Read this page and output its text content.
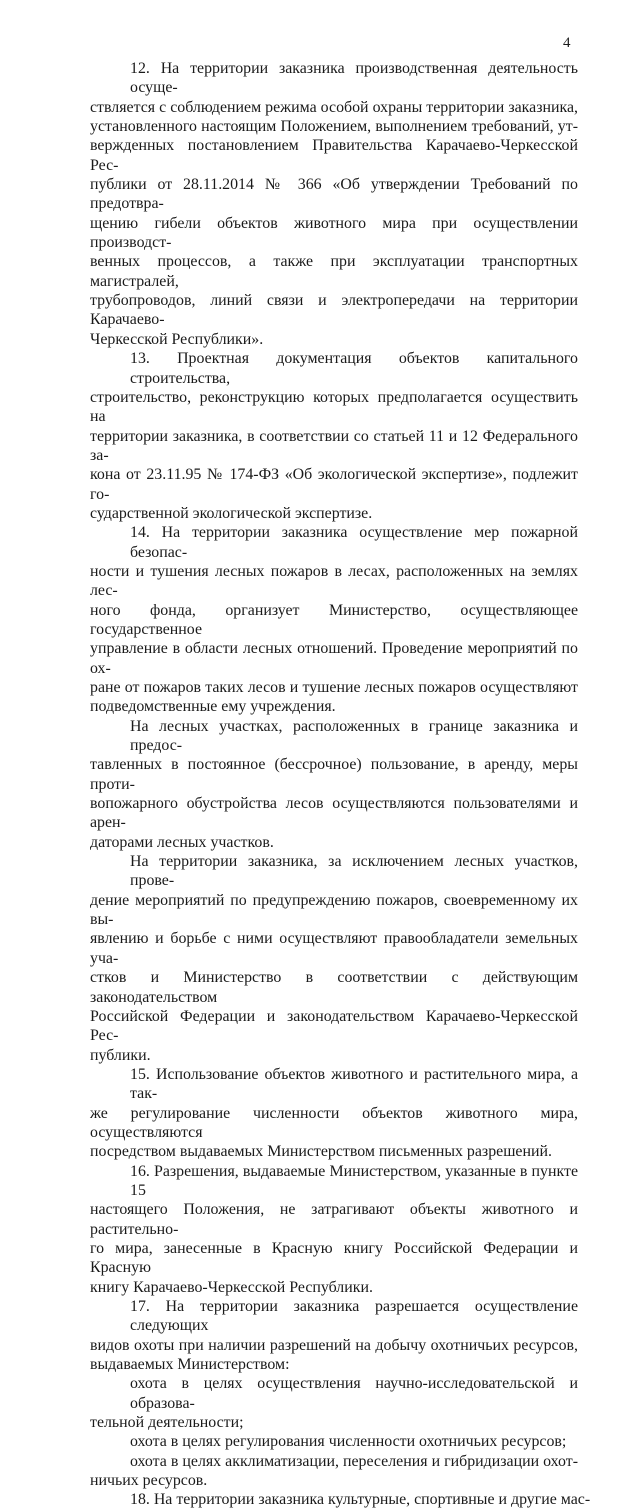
4
12. На территории заказника производственная деятельность осуще-
ствляется с соблюдением режима особой охраны территории заказника,
установленного настоящим Положением, выполнением требований, ут-
вержденных постановлением Правительства Карачаево-Черкесской Рес-
публики от 28.11.2014 № 366 «Об утверждении Требований по предотвра-
щению гибели объектов животного мира при осуществлении производст-
венных процессов, а также при эксплуатации транспортных магистралей,
трубопроводов, линий связи и электропередачи на территории Карачаево-
Черкесской Республики».
13. Проектная документация объектов капитального строительства,
строительство, реконструкцию которых предполагается осуществить на
территории заказника, в соответствии со статьей 11 и 12 Федерального за-
кона от 23.11.95 № 174-ФЗ «Об экологической экспертизе», подлежит го-
сударственной экологической экспертизе.
14. На территории заказника осуществление мер пожарной безопас-
ности и тушения лесных пожаров в лесах, расположенных на землях лес-
ного фонда, организует Министерство, осуществляющее государственное
управление в области лесных отношений. Проведение мероприятий по ох-
ране от пожаров таких лесов и тушение лесных пожаров осуществляют
подведомственные ему учреждения.
На лесных участках, расположенных в границе заказника и предос-
тавленных в постоянное (бессрочное) пользование, в аренду, меры проти-
вопожарного обустройства лесов осуществляются пользователями и арен-
даторами лесных участков.
На территории заказника, за исключением лесных участков, прове-
дение мероприятий по предупреждению пожаров, своевременному их вы-
явлению и борьбе с ними осуществляют правообладатели земельных уча-
стков и Министерство в соответствии с действующим законодательством
Российской Федерации и законодательством Карачаево-Черкесской Рес-
публики.
15. Использование объектов животного и растительного мира, а так-
же регулирование численности объектов животного мира, осуществляются
посредством выдаваемых Министерством письменных разрешений.
16. Разрешения, выдаваемые Министерством, указанные в пункте 15
настоящего Положения, не затрагивают объекты животного и растительно-
го мира, занесенные в Красную книгу Российской Федерации и Красную
книгу Карачаево-Черкесской Республики.
17. На территории заказника разрешается осуществление следующих
видов охоты при наличии разрешений на добычу охотничьих ресурсов,
выдаваемых Министерством:
охота в целях осуществления научно-исследовательской и образова-
тельной деятельности;
охота в целях регулирования численности охотничьих ресурсов;
охота в целях акклиматизации, переселения и гибридизации охот-
ничьих ресурсов.
18. На территории заказника культурные, спортивные и другие мас-
